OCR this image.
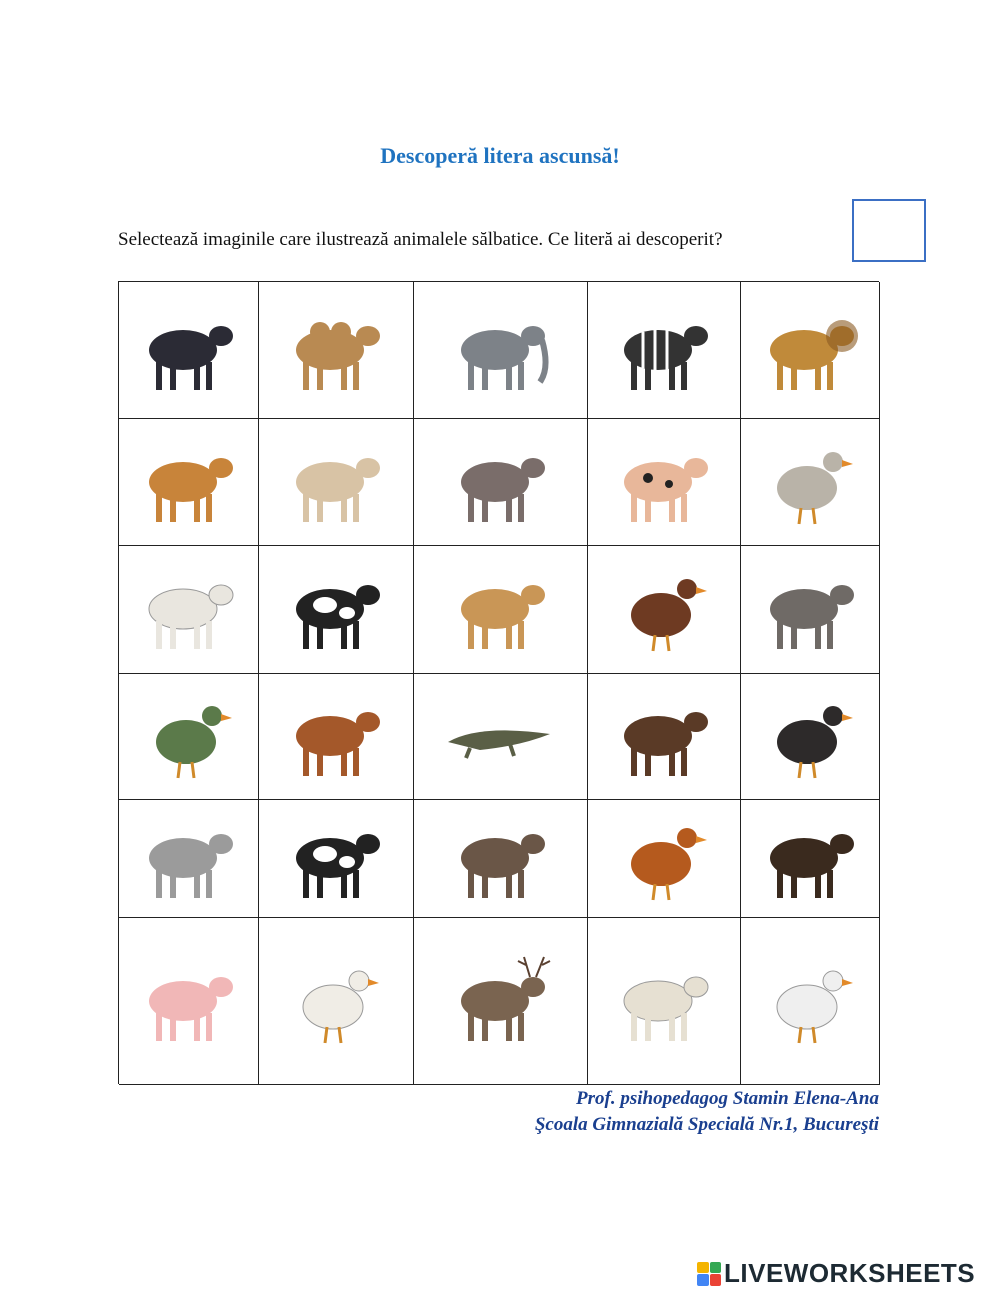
Descoperă litera ascunsă!
Selectează imaginile care ilustrează animalele sălbatice. Ce literă ai descoperit?
Prof. psihopedagog Stamin Elena-Ana
Şcoala Gimnazială Specială Nr.1, Bucureşti
LIVEWORKSHEETS
